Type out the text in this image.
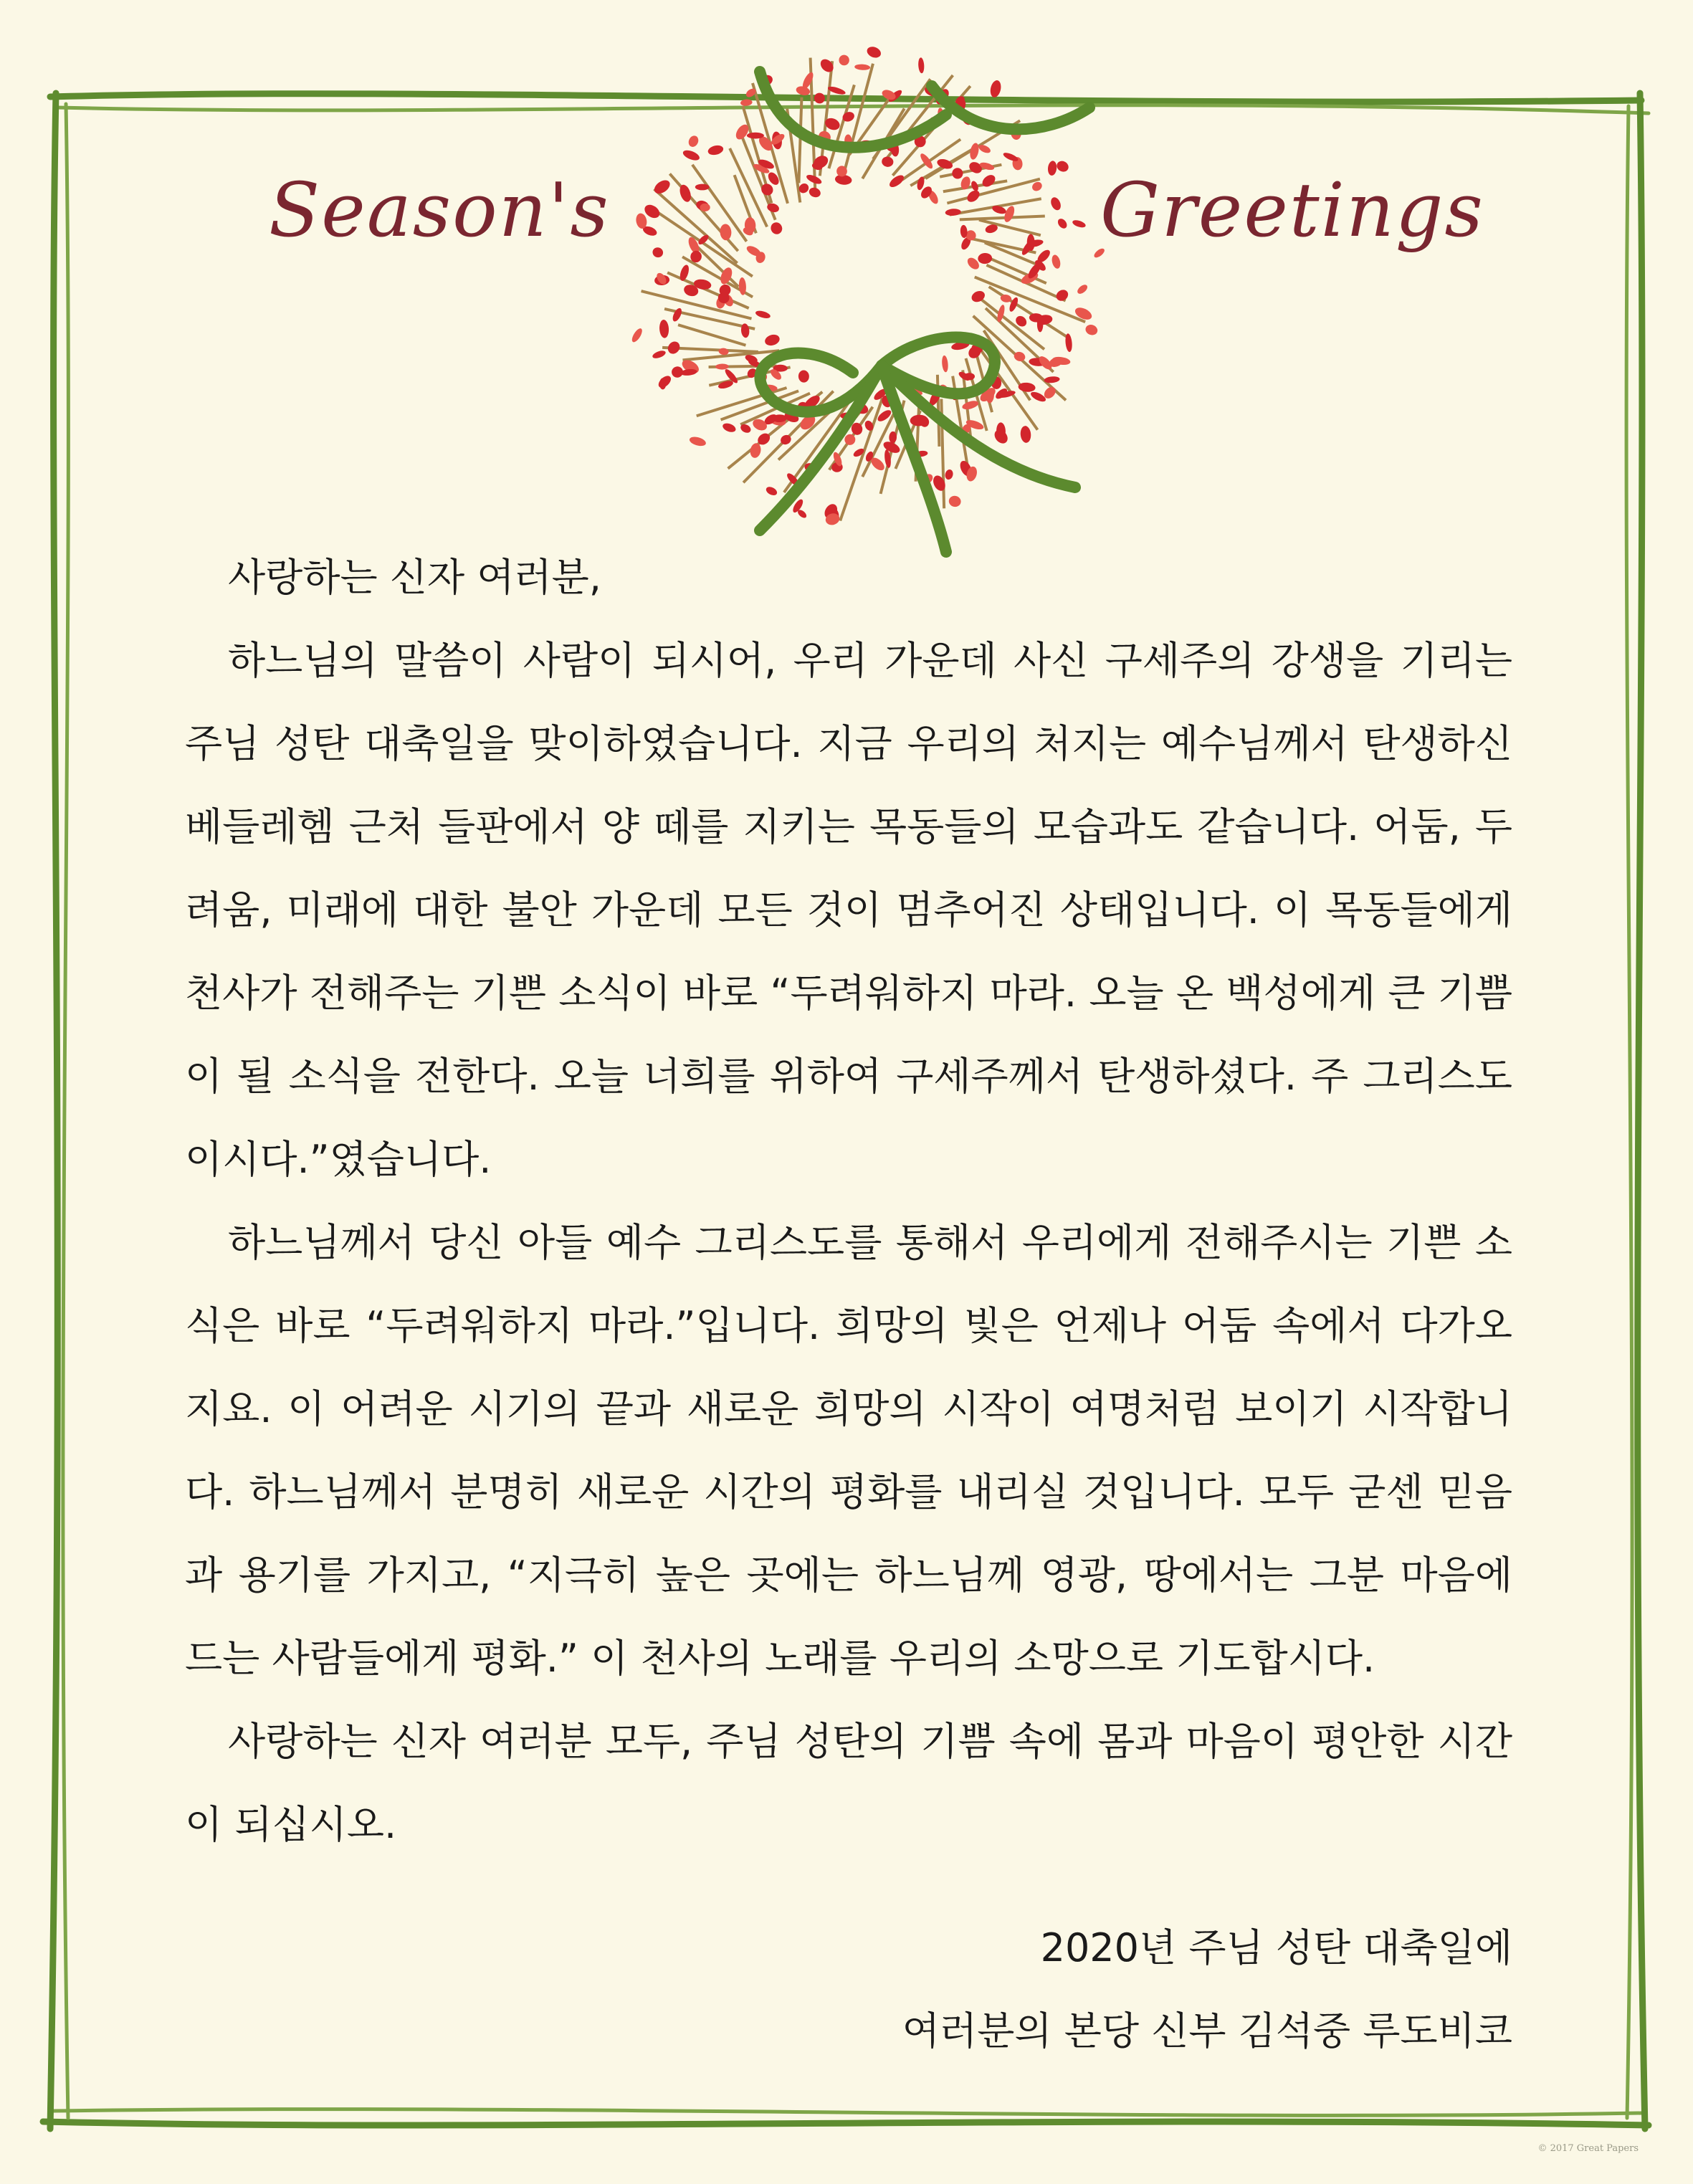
Season's	Greetings

사랑하는 신자 여러분,

하느님의 말씀이 사람이 되시어, 우리 가운데 사신 구세주의 강생을 기리는 주님 성탄 대축일을 맞이하였습니다. 지금 우리의 처지는 예수님께서 탄생하신 베들레헴 근처 들판에서 양 떼를 지키는 목동들의 모습과도 같습니다. 어둠, 두려움, 미래에 대한 불안 가운데 모든 것이 멈추어진 상태입니다. 이 목동들에게 천사가 전해주는 기쁜 소식이 바로 “두려워하지 마라. 오늘 온 백성에게 큰 기쁨이 될 소식을 전한다. 오늘 너희를 위하여 구세주께서 탄생하셨다. 주 그리스도이시다.”였습니다.

하느님께서 당신 아들 예수 그리스도를 통해서 우리에게 전해주시는 기쁜 소식은 바로 “두려워하지 마라.”입니다. 희망의 빛은 언제나 어둠 속에서 다가오지요. 이 어려운 시기의 끝과 새로운 희망의 시작이 여명처럼 보이기 시작합니다. 하느님께서 분명히 새로운 시간의 평화를 내리실 것입니다. 모두 굳센 믿음과 용기를 가지고, “지극히 높은 곳에는 하느님께 영광, 땅에서는 그분 마음에 드는 사람들에게 평화.” 이 천사의 노래를 우리의 소망으로 기도합시다.

사랑하는 신자 여러분 모두, 주님 성탄의 기쁨 속에 몸과 마음이 평안한 시간이 되십시오.

2020년 주님 성탄 대축일에
여러분의 본당 신부 김석중 루도비코
© 2017 Great Papers
